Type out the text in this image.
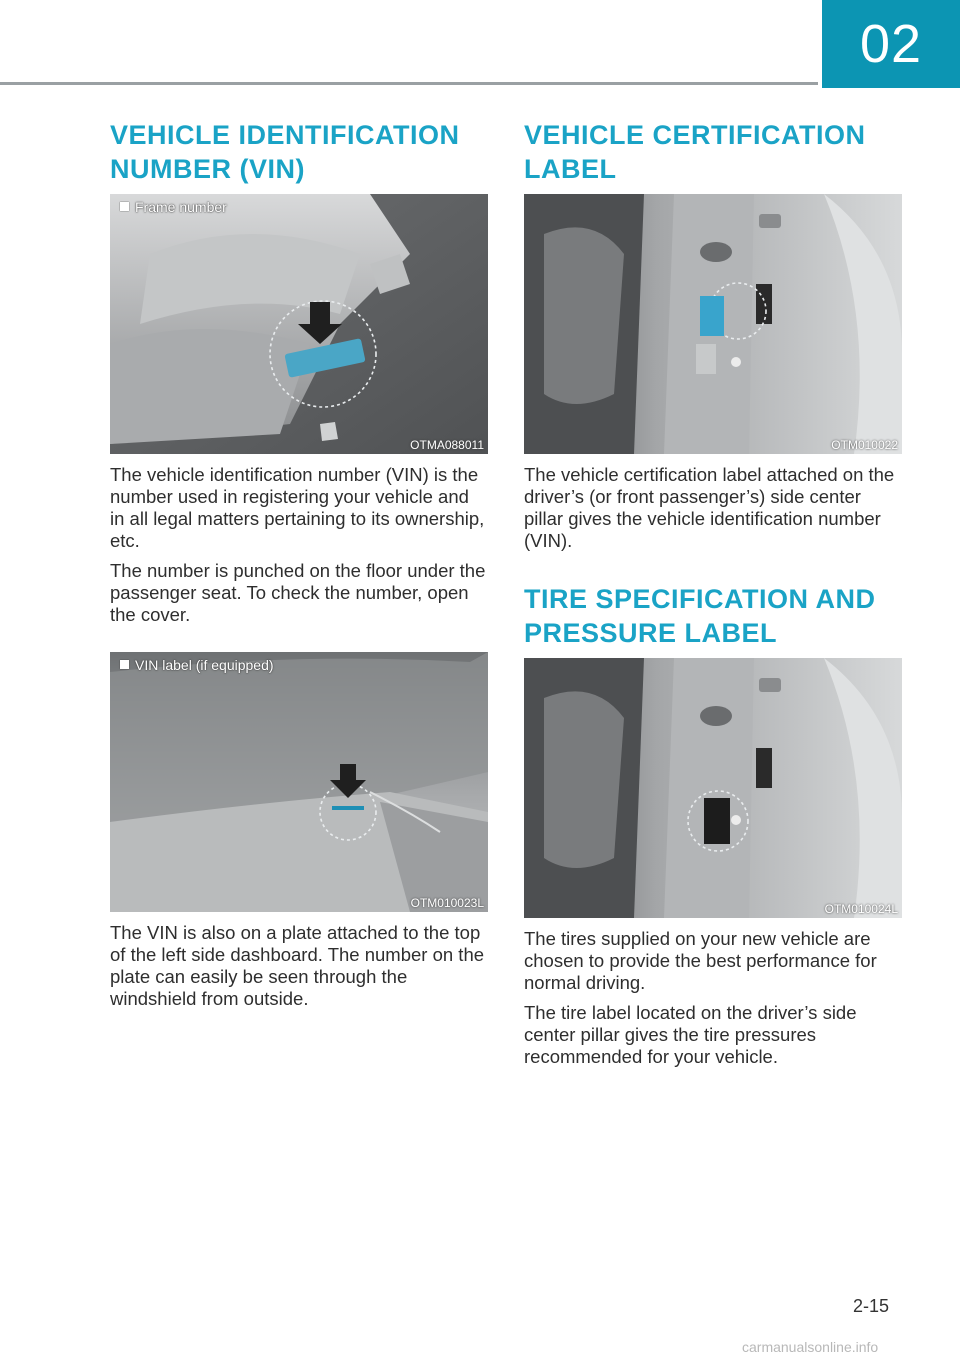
02
VEHICLE IDENTIFICATION
NUMBER (VIN)
Frame number
OTMA088011

The vehicle identification number (VIN) is the number used in registering your vehicle and in all legal matters pertaining to its ownership, etc.

The number is punched on the floor under the passenger seat. To check the number, open the cover.

VIN label (if equipped)
OTM010023L

The VIN is also on a plate attached to the top of the left side dashboard. The number on the plate can easily be seen through the windshield from outside.

VEHICLE CERTIFICATION
LABEL
OTM010022

The vehicle certification label attached on the driver’s (or front passenger’s) side center pillar gives the vehicle identification number (VIN).

TIRE SPECIFICATION AND
PRESSURE LABEL
OTM010024L

The tires supplied on your new vehicle are chosen to provide the best performance for normal driving.

The tire label located on the driver’s side center pillar gives the tire pressures recommended for your vehicle.

2-15
carmanualsonline.info
